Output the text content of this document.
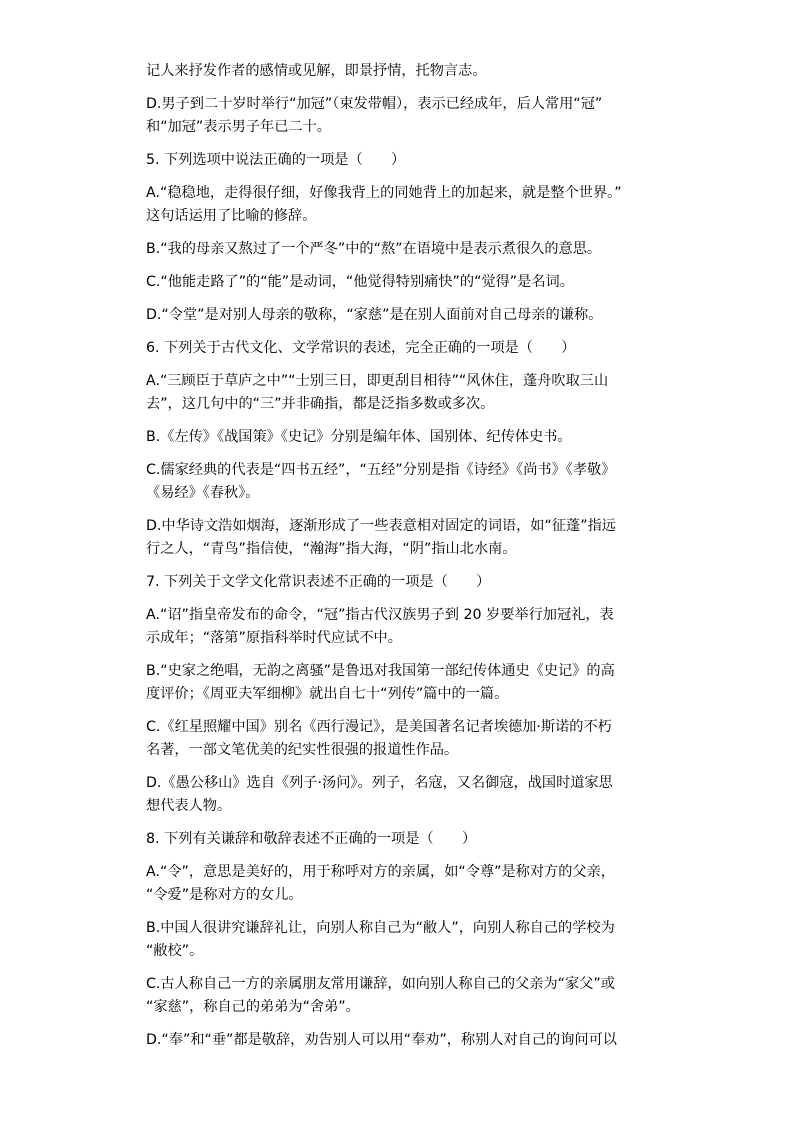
记人来抒发作者的感情或见解，即景抒情，托物言志。
D.男子到二十岁时举行“加冠”（束发带帽），表示已经成年，后人常用“冠”
和“加冠”表示男子年已二十。
5. 下列选项中说法正确的一项是（　　）
A.“稳稳地，走得很仔细，好像我背上的同她背上的加起来，就是整个世界。”
这句话运用了比喻的修辞。
B.“我的母亲又熬过了一个严冬”中的“熬”在语境中是表示煮很久的意思。
C.“他能走路了”的“能”是动词，“他觉得特别痛快”的“觉得”是名词。
D.“令堂”是对别人母亲的敬称，“家慈”是在别人面前对自己母亲的谦称。
6. 下列关于古代文化、文学常识的表述，完全正确的一项是（　　）
A.“三顾臣于草庐之中”“士别三日，即更刮目相待”“风休住，蓬舟吹取三山
去”，这几句中的“三”并非确指，都是泛指多数或多次。
B.《左传》《战国策》《史记》分别是编年体、国别体、纪传体史书。
C.儒家经典的代表是“四书五经”，“五经”分别是指《诗经》《尚书》《孝敬》
《易经》《春秋》。
D.中华诗文浩如烟海，逐渐形成了一些表意相对固定的词语，如“征蓬”指远
行之人，“青鸟”指信使，“瀚海”指大海，“阴”指山北水南。
7. 下列关于文学文化常识表述不正确的一项是（　　）
A.“诏”指皇帝发布的命令，“冠”指古代汉族男子到 20 岁要举行加冠礼，表
示成年；“落第”原指科举时代应试不中。
B.“史家之绝唱，无韵之离骚”是鲁迅对我国第一部纪传体通史《史记》的高
度评价；《周亚夫军细柳》就出自七十“列传”篇中的一篇。
C.《红星照耀中国》别名《西行漫记》，是美国著名记者埃德加·斯诺的不朽
名著，一部文笔优美的纪实性很强的报道性作品。
D.《愚公移山》选自《列子·汤问》。列子，名寇，又名御寇，战国时道家思
想代表人物。
8. 下列有关谦辞和敬辞表述不正确的一项是（　　）
A.“令”，意思是美好的，用于称呼对方的亲属，如“令尊”是称对方的父亲，
“令爱”是称对方的女儿。
B.中国人很讲究谦辞礼让，向别人称自己为“敝人”，向别人称自己的学校为
“敝校”。
C.古人称自己一方的亲属朋友常用谦辞，如向别人称自己的父亲为“家父”或
“家慈”，称自己的弟弟为“舍弟”。
D.“奉”和“垂”都是敬辞，劝告别人可以用“奉劝”，称别人对自己的询问可以
